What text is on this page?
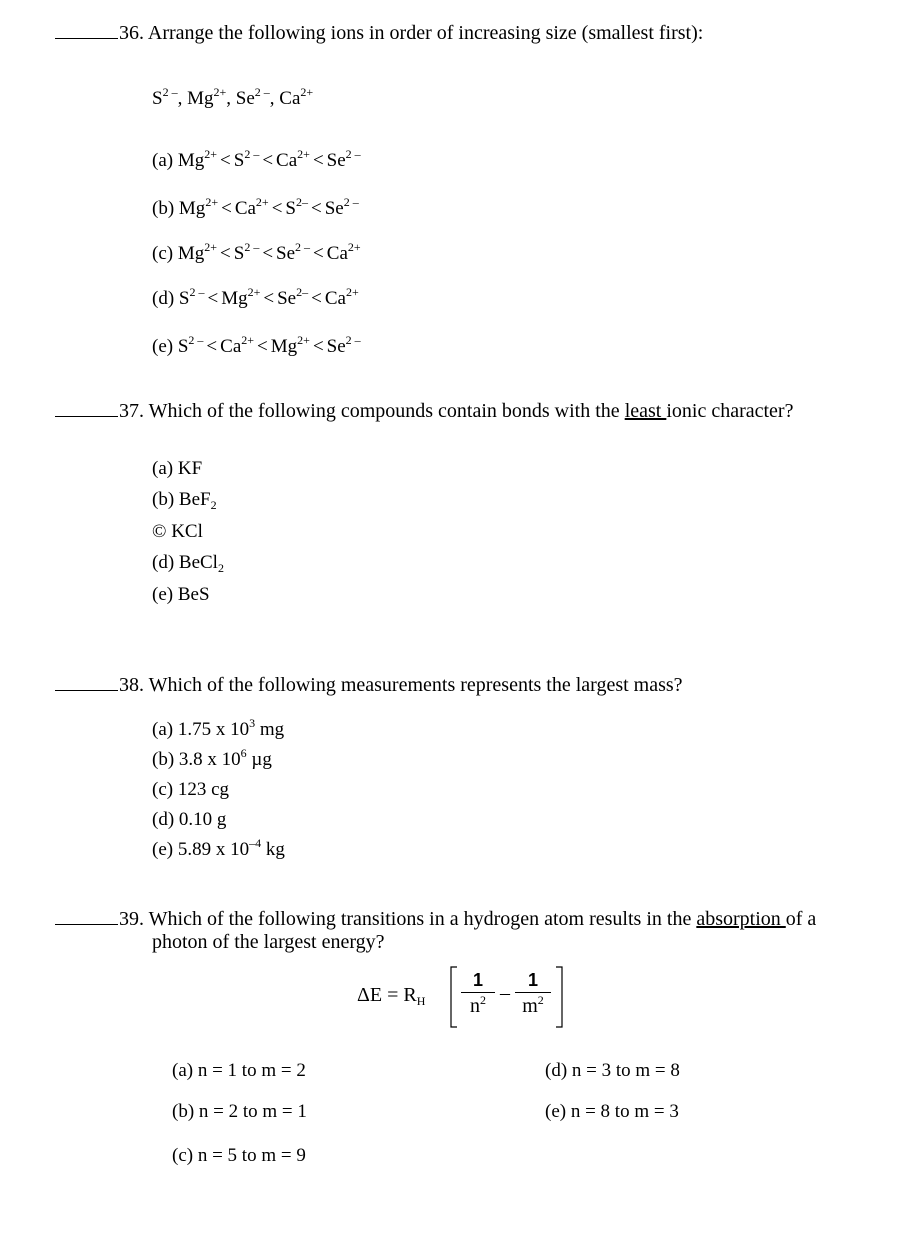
36. Arrange the following ions in order of increasing size (smallest first):
$S^{2 -}$, $Mg^{2+}$, $Se^{2 -}$, $Ca^{2+}$
(a) $Mg^{2+} < S^{2 -} < Ca^{2+} < Se^{2 -}$
(b) $Mg^{2+} < Ca^{2+} < S^{2-} < Se^{2 -}$
(c) $Mg^{2+} < S^{2 -} < Se^{2 -} < Ca^{2+}$
(d) $S^{2 -} < Mg^{2+} < Se^{2-} < Ca^{2+}$
(e) $S^{2 -} < Ca^{2+} < Mg^{2+} < Se^{2 -}$
37. Which of the following compounds contain bonds with the least ionic character?
(a) KF
(b) BeF$_2$
© KCl
(d) BeCl$_2$
(e) BeS
38. Which of the following measurements represents the largest mass?
(a) 1.75 x $10^3$ mg
(b) 3.8 x $10^6$ µg
(c) 123 cg
(d) 0.10 g
(e) 5.89 x $10^{-4}$ kg
39. Which of the following transitions in a hydrogen atom results in the absorption of a
photon of the largest energy?
$\Delta E = R_H \frac{1}{n^2} - \frac{1}{m^2}$
(a) n = 1 to m = 2
(b) n = 2 to m = 1
(c) n = 5 to m = 9
(d) n = 3 to m = 8
(e) n = 8 to m = 3
